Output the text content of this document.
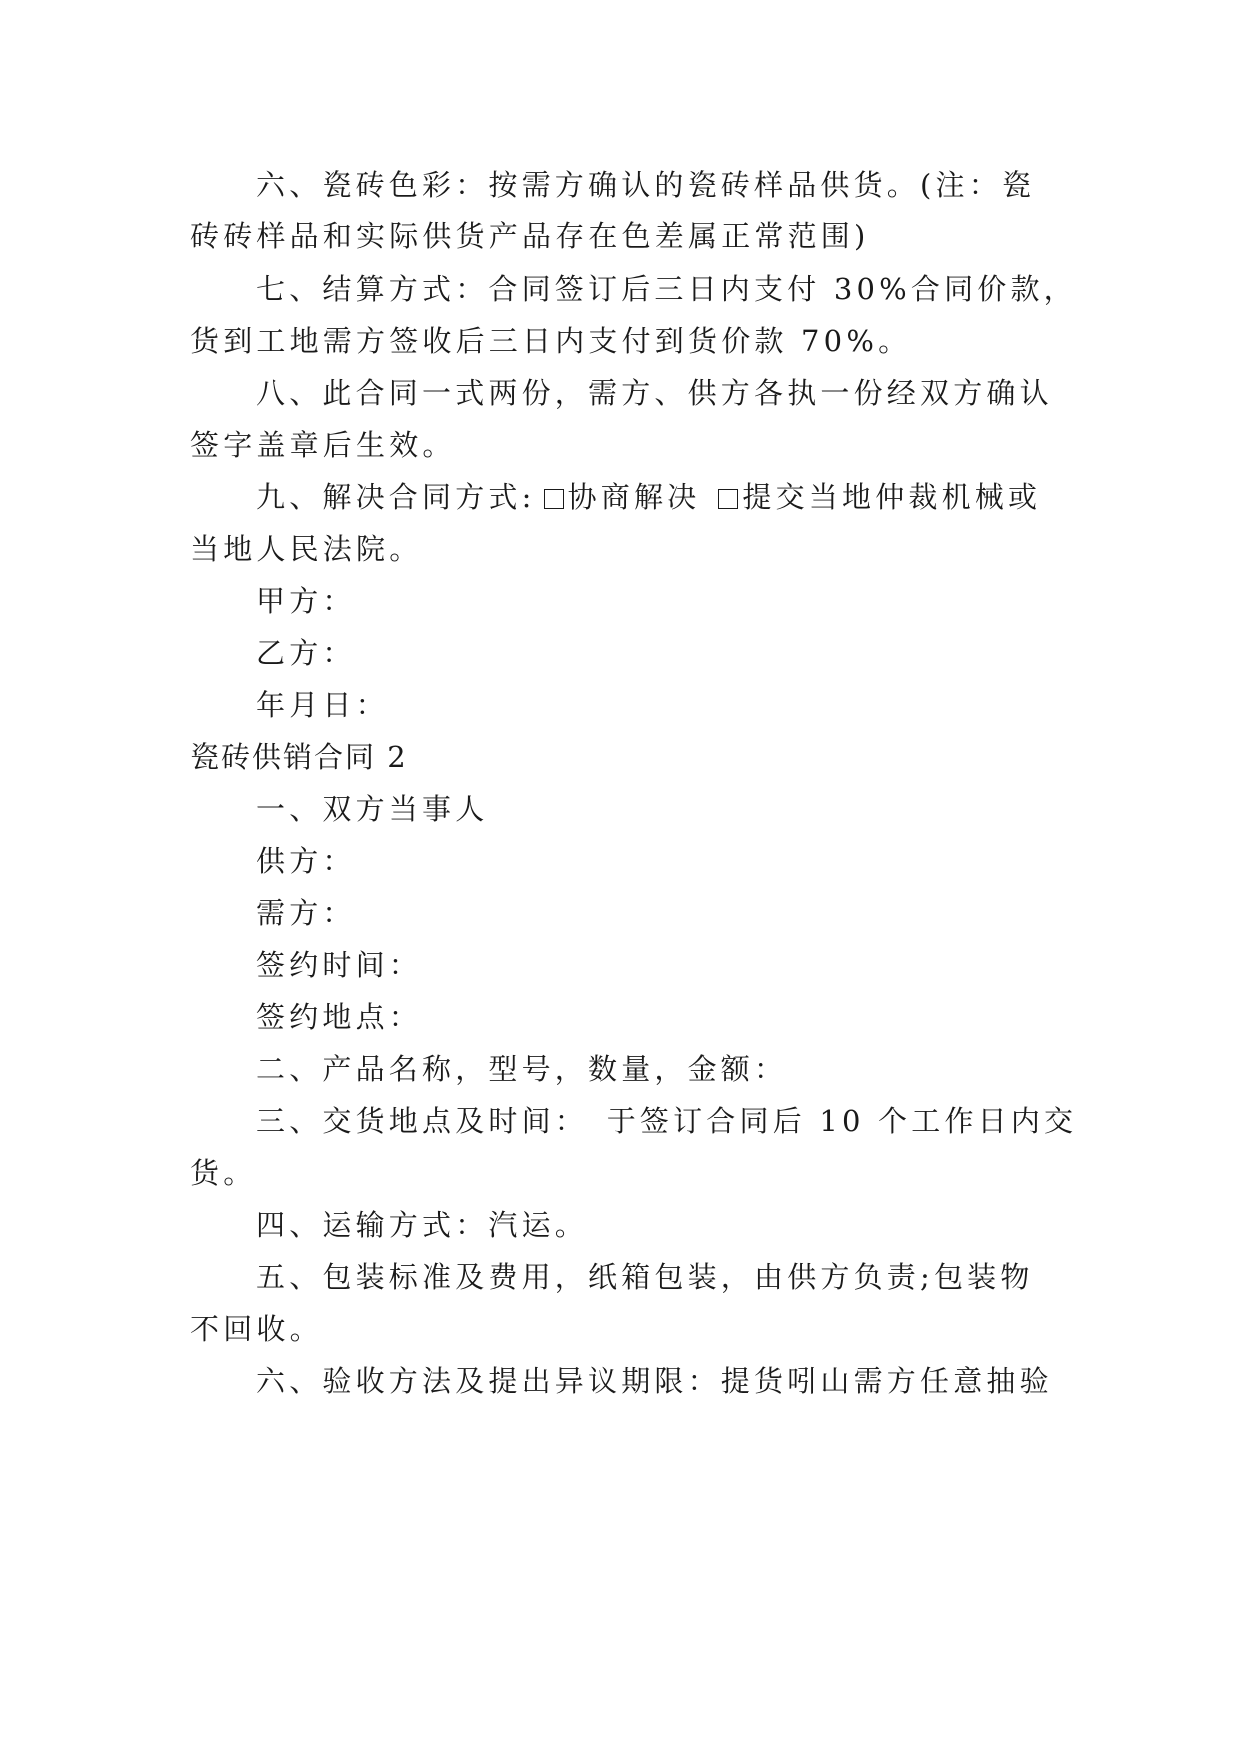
六、瓷砖色彩：按需方确认的瓷砖样品供货。(注：瓷
砖砖样品和实际供货产品存在色差属正常范围)
七、结算方式：合同签订后三日内支付 30%合同价款，
货到工地需方签收后三日内支付到货价款 70%。
八、此合同一式两份，需方、供方各执一份经双方确认
签字盖章后生效。
九、解决合同方式: 协商解决 提交当地仲裁机械或
当地人民法院。
甲方：
乙方：
年月日：
瓷砖供销合同 2
一、双方当事人
供方：
需方：
签约时间：
签约地点：
二、产品名称，型号，数量，金额：
三、交货地点及时间：　于签订合同后 10 个工作日内交
货。
四、运输方式：汽运。
五、包装标准及费用，纸箱包装，由供方负责;包装物
不回收。
六、验收方法及提出异议期限：提货吲山需方任意抽验
